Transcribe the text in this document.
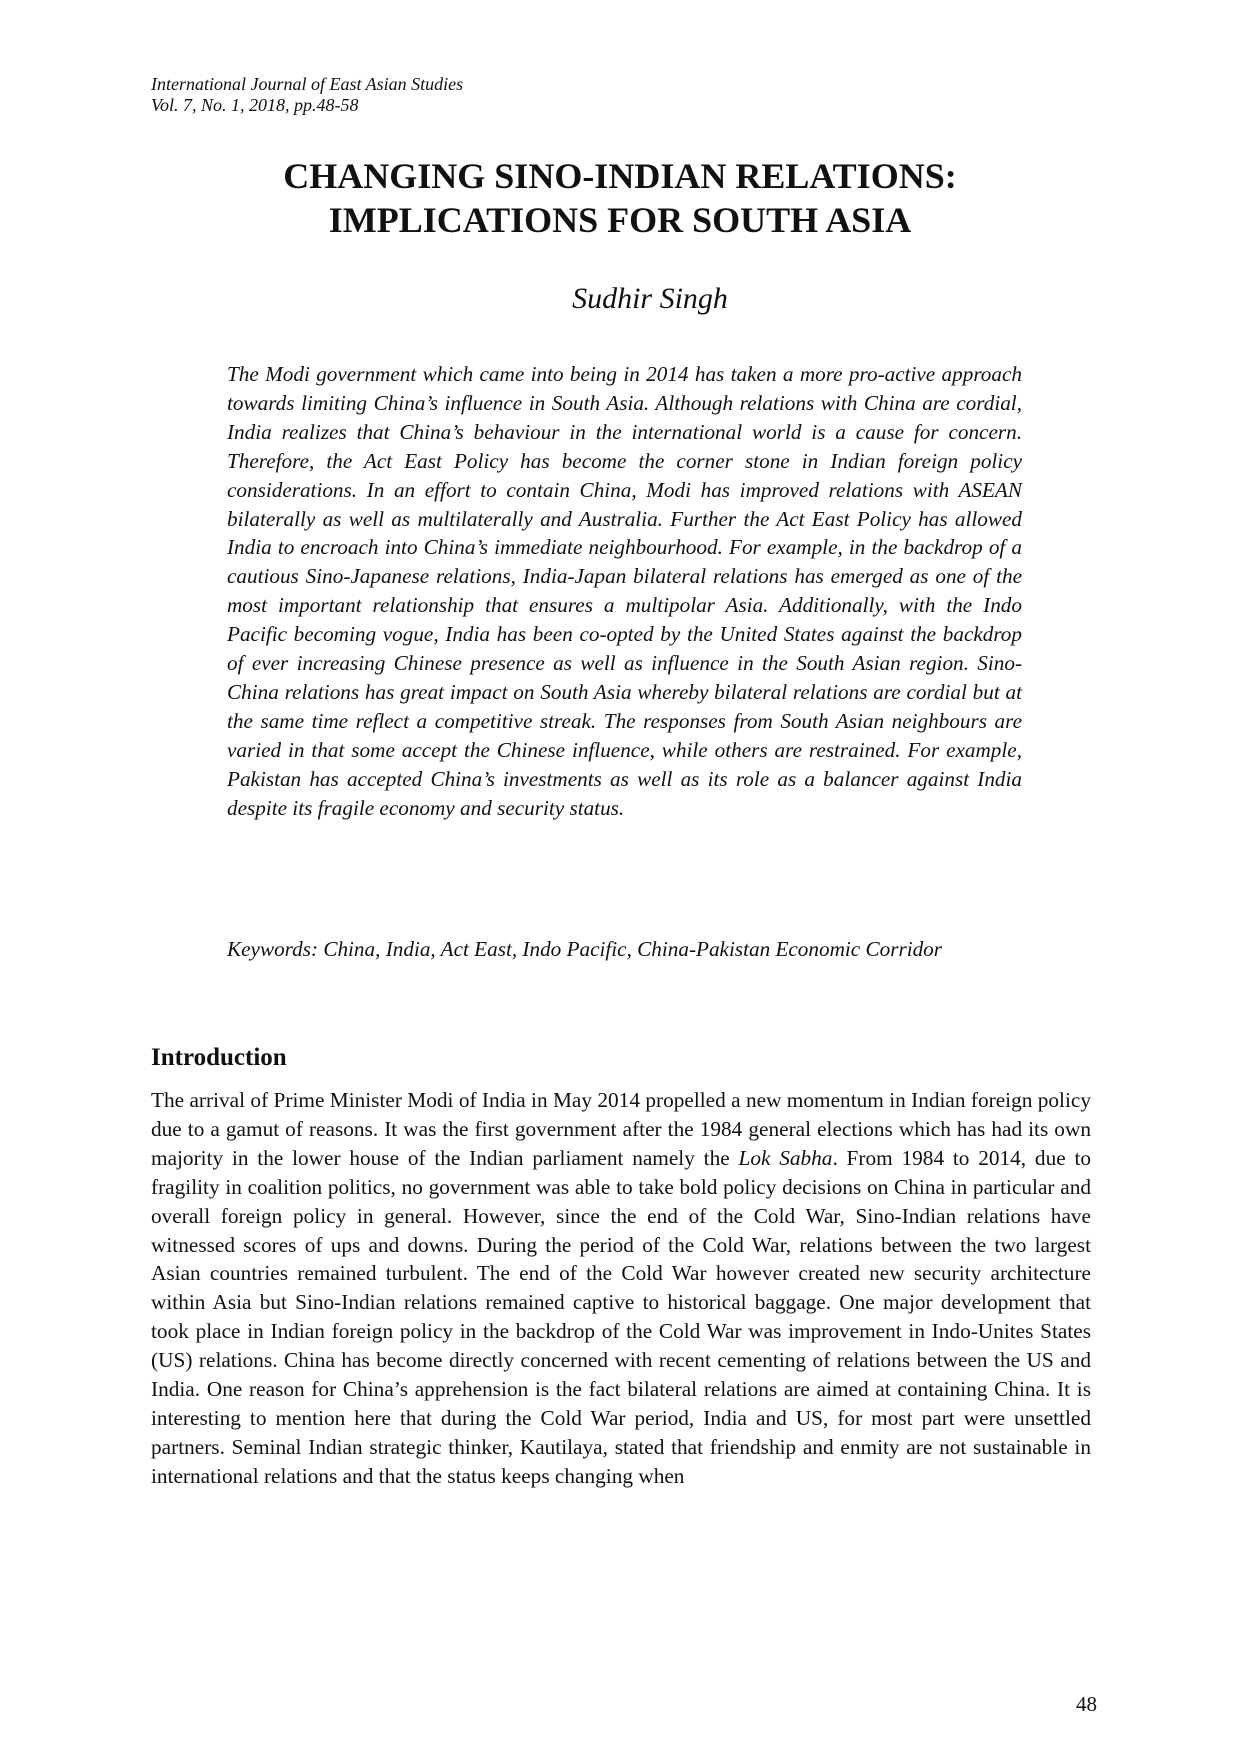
International Journal of East Asian Studies
Vol. 7, No. 1, 2018, pp.48-58
CHANGING SINO-INDIAN RELATIONS:
IMPLICATIONS FOR SOUTH ASIA
Sudhir Singh

The Modi government which came into being in 2014 has taken a more pro-active approach towards limiting China’s influence in South Asia. Although relations with China are cordial, India realizes that China’s behaviour in the international world is a cause for concern. Therefore, the Act East Policy has become the corner stone in Indian foreign policy considerations. In an effort to contain China, Modi has improved relations with ASEAN bilaterally as well as multilaterally and Australia. Further the Act East Policy has allowed India to encroach into China’s immediate neighbourhood. For example, in the backdrop of a cautious Sino-Japanese relations, India-Japan bilateral relations has emerged as one of the most important relationship that ensures a multipolar Asia. Additionally, with the Indo Pacific becoming vogue, India has been co-opted by the United States against the backdrop of ever increasing Chinese presence as well as influence in the South Asian region. Sino-China relations has great impact on South Asia whereby bilateral relations are cordial but at the same time reflect a competitive streak. The responses from South Asian neighbours are varied in that some accept the Chinese influence, while others are restrained. For example, Pakistan has accepted China’s investments as well as its role as a balancer against India despite its fragile economy and security status.

Keywords: China, India, Act East, Indo Pacific, China-Pakistan Economic Corridor

Introduction

The arrival of Prime Minister Modi of India in May 2014 propelled a new momentum in Indian foreign policy due to a gamut of reasons. It was the first government after the 1984 general elections which has had its own majority in the lower house of the Indian parliament namely the Lok Sabha. From 1984 to 2014, due to fragility in coalition politics, no government was able to take bold policy decisions on China in particular and overall foreign policy in general. However, since the end of the Cold War, Sino-Indian relations have witnessed scores of ups and downs. During the period of the Cold War, relations between the two largest Asian countries remained turbulent. The end of the Cold War however created new security architecture within Asia but Sino-Indian relations remained captive to historical baggage. One major development that took place in Indian foreign policy in the backdrop of the Cold War was improvement in Indo-Unites States (US) relations. China has become directly concerned with recent cementing of relations between the US and India. One reason for China’s apprehension is the fact bilateral relations are aimed at containing China. It is interesting to mention here that during the Cold War period, India and US, for most part were unsettled partners. Seminal Indian strategic thinker, Kautilaya, stated that friendship and enmity are not sustainable in international relations and that the status keeps changing when

48
